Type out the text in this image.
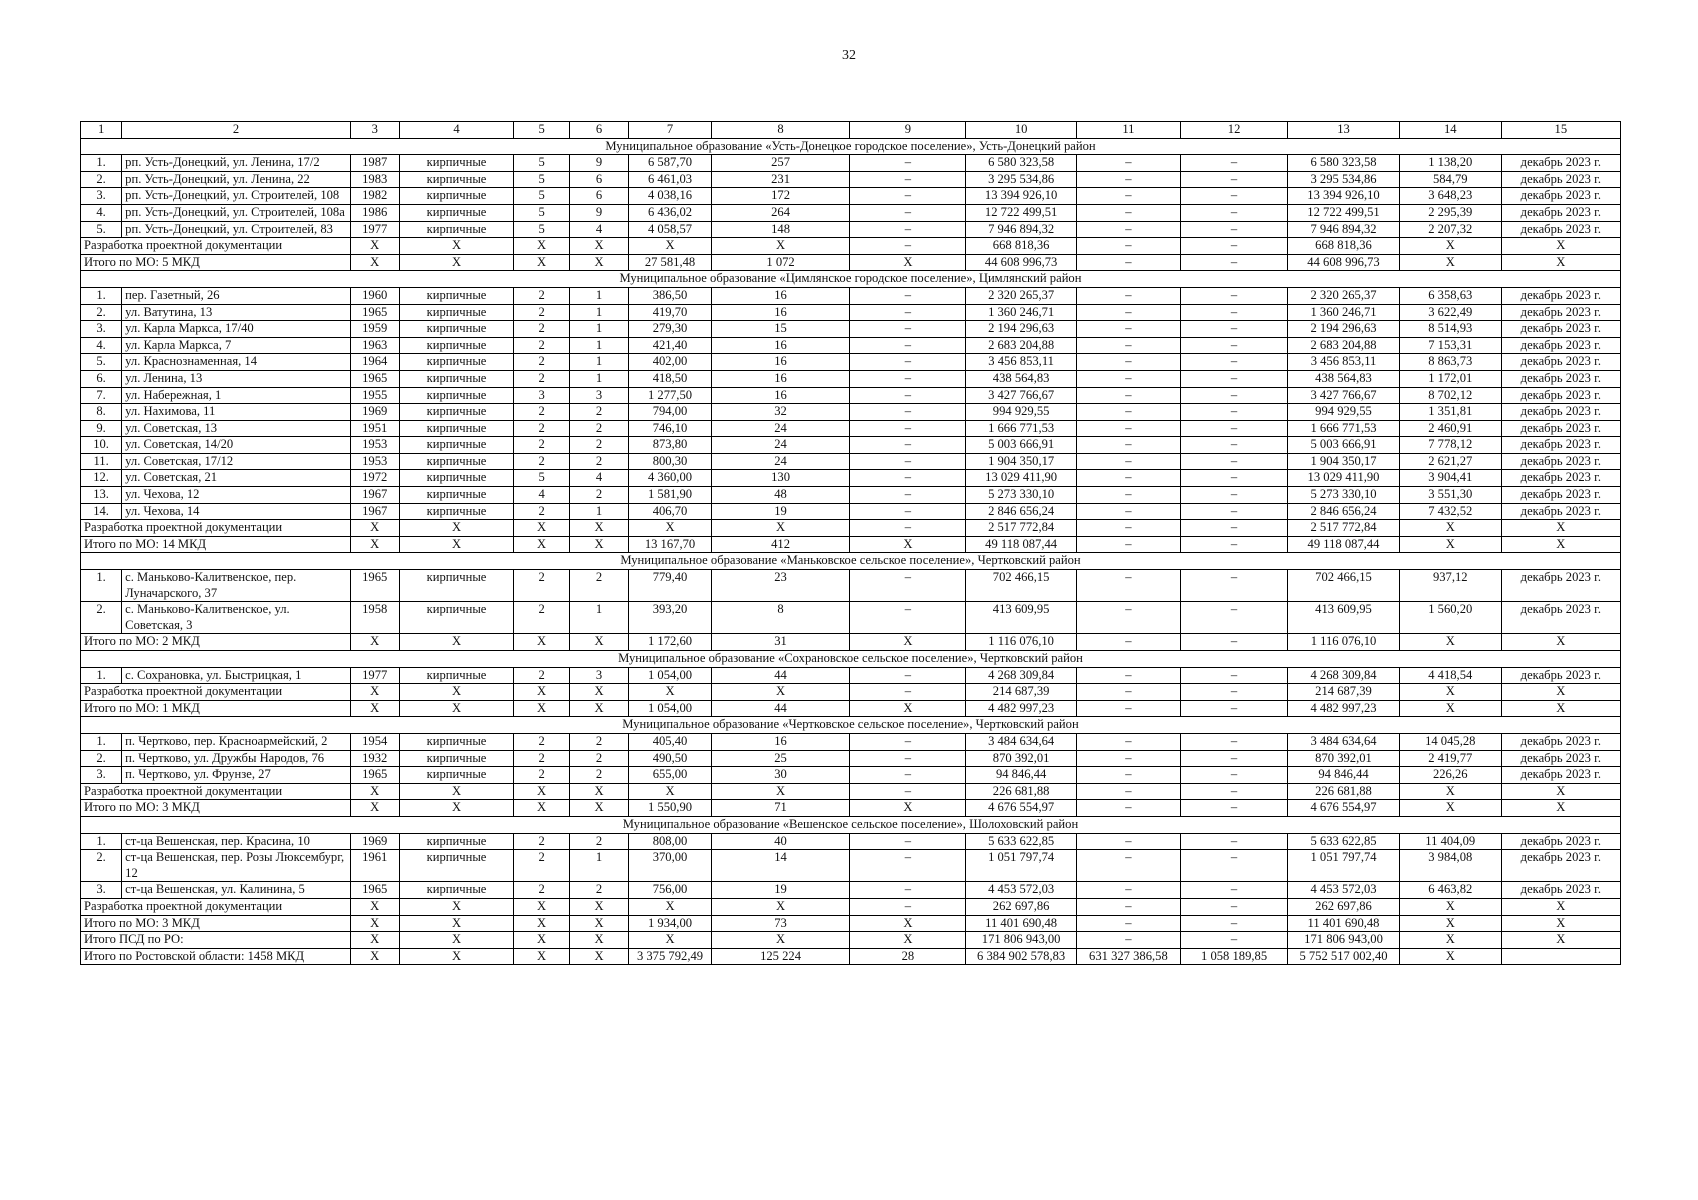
32
1	2	3	4	5	6	7	8	9	10	11	12	13	14	15
Муниципальное образование «Усть-Донецкое городское поселение», Усть-Донецкий район														
1.	рп. Усть-Донецкий, ул. Ленина, 17/2	1987	кирпичные	5	9	6 587,70	257	–	6 580 323,58	–	–	6 580 323,58	1 138,20	декабрь 2023 г.
2.	рп. Усть-Донецкий, ул. Ленина, 22	1983	кирпичные	5	6	6 461,03	231	–	3 295 534,86	–	–	3 295 534,86	584,79	декабрь 2023 г.
3.	рп. Усть-Донецкий, ул. Строителей, 108	1982	кирпичные	5	6	4 038,16	172	–	13 394 926,10	–	–	13 394 926,10	3 648,23	декабрь 2023 г.
4.	рп. Усть-Донецкий, ул. Строителей, 108а	1986	кирпичные	5	9	6 436,02	264	–	12 722 499,51	–	–	12 722 499,51	2 295,39	декабрь 2023 г.
5.	рп. Усть-Донецкий, ул. Строителей, 83	1977	кирпичные	5	4	4 058,57	148	–	7 946 894,32	–	–	7 946 894,32	2 207,32	декабрь 2023 г.
Разработка проектной документации		X	X	X	X	X	X	–	668 818,36	–	–	668 818,36	X	X
Итого по МО: 5 МКД		X	X	X	X	27 581,48	1 072	X	44 608 996,73	–	–	44 608 996,73	X	X
Муниципальное образование «Цимлянское городское поселение», Цимлянский район														
1.	пер. Газетный, 26	1960	кирпичные	2	1	386,50	16	–	2 320 265,37	–	–	2 320 265,37	6 358,63	декабрь 2023 г.
2.	ул. Ватутина, 13	1965	кирпичные	2	1	419,70	16	–	1 360 246,71	–	–	1 360 246,71	3 622,49	декабрь 2023 г.
3.	ул. Карла Маркса, 17/40	1959	кирпичные	2	1	279,30	15	–	2 194 296,63	–	–	2 194 296,63	8 514,93	декабрь 2023 г.
4.	ул. Карла Маркса, 7	1963	кирпичные	2	1	421,40	16	–	2 683 204,88	–	–	2 683 204,88	7 153,31	декабрь 2023 г.
5.	ул. Краснознаменная, 14	1964	кирпичные	2	1	402,00	16	–	3 456 853,11	–	–	3 456 853,11	8 863,73	декабрь 2023 г.
6.	ул. Ленина, 13	1965	кирпичные	2	1	418,50	16	–	438 564,83	–	–	438 564,83	1 172,01	декабрь 2023 г.
7.	ул. Набережная, 1	1955	кирпичные	3	3	1 277,50	16	–	3 427 766,67	–	–	3 427 766,67	8 702,12	декабрь 2023 г.
8.	ул. Нахимова, 11	1969	кирпичные	2	2	794,00	32	–	994 929,55	–	–	994 929,55	1 351,81	декабрь 2023 г.
9.	ул. Советская, 13	1951	кирпичные	2	2	746,10	24	–	1 666 771,53	–	–	1 666 771,53	2 460,91	декабрь 2023 г.
10.	ул. Советская, 14/20	1953	кирпичные	2	2	873,80	24	–	5 003 666,91	–	–	5 003 666,91	7 778,12	декабрь 2023 г.
11.	ул. Советская, 17/12	1953	кирпичные	2	2	800,30	24	–	1 904 350,17	–	–	1 904 350,17	2 621,27	декабрь 2023 г.
12.	ул. Советская, 21	1972	кирпичные	5	4	4 360,00	130	–	13 029 411,90	–	–	13 029 411,90	3 904,41	декабрь 2023 г.
13.	ул. Чехова, 12	1967	кирпичные	4	2	1 581,90	48	–	5 273 330,10	–	–	5 273 330,10	3 551,30	декабрь 2023 г.
14.	ул. Чехова, 14	1967	кирпичные	2	1	406,70	19	–	2 846 656,24	–	–	2 846 656,24	7 432,52	декабрь 2023 г.
Разработка проектной документации		X	X	X	X	X	X	–	2 517 772,84	–	–	2 517 772,84	X	X
Итого по МО: 14 МКД		X	X	X	X	13 167,70	412	X	49 118 087,44	–	–	49 118 087,44	X	X
Муниципальное образование «Маньковское сельское поселение», Чертковский район														
1.	с. Маньково-Калитвенское, пер. Луначарского, 37	1965	кирпичные	2	2	779,40	23	–	702 466,15	–	–	702 466,15	937,12	декабрь 2023 г.
2.	с. Маньково-Калитвенское, ул. Советская, 3	1958	кирпичные	2	1	393,20	8	–	413 609,95	–	–	413 609,95	1 560,20	декабрь 2023 г.
Итого по МО: 2 МКД		X	X	X	X	1 172,60	31	X	1 116 076,10	–	–	1 116 076,10	X	X
Муниципальное образование «Сохрановское сельское поселение», Чертковский район														
1.	с. Сохрановка, ул. Быстрицкая, 1	1977	кирпичные	2	3	1 054,00	44	–	4 268 309,84	–	–	4 268 309,84	4 418,54	декабрь 2023 г.
Разработка проектной документации		X	X	X	X	X	X	–	214 687,39	–	–	214 687,39	X	X
Итого по МО: 1 МКД		X	X	X	X	1 054,00	44	X	4 482 997,23	–	–	4 482 997,23	X	X
Муниципальное образование «Чертковское сельское поселение», Чертковский район														
1.	п. Чертково, пер. Красноармейский, 2	1954	кирпичные	2	2	405,40	16	–	3 484 634,64	–	–	3 484 634,64	14 045,28	декабрь 2023 г.
2.	п. Чертково, ул. Дружбы Народов, 76	1932	кирпичные	2	2	490,50	25	–	870 392,01	–	–	870 392,01	2 419,77	декабрь 2023 г.
3.	п. Чертково, ул. Фрунзе, 27	1965	кирпичные	2	2	655,00	30	–	94 846,44	–	–	94 846,44	226,26	декабрь 2023 г.
Разработка проектной документации		X	X	X	X	X	X	–	226 681,88	–	–	226 681,88	X	X
Итого по МО: 3 МКД		X	X	X	X	1 550,90	71	X	4 676 554,97	–	–	4 676 554,97	X	X
Муниципальное образование «Вешенское сельское поселение», Шолоховский район														
1.	ст-ца Вешенская, пер. Красина, 10	1969	кирпичные	2	2	808,00	40	–	5 633 622,85	–	–	5 633 622,85	11 404,09	декабрь 2023 г.
2.	ст-ца Вешенская, пер. Розы Люксембург, 12	1961	кирпичные	2	1	370,00	14	–	1 051 797,74	–	–	1 051 797,74	3 984,08	декабрь 2023 г.
3.	ст-ца Вешенская, ул. Калинина, 5	1965	кирпичные	2	2	756,00	19	–	4 453 572,03	–	–	4 453 572,03	6 463,82	декабрь 2023 г.
Разработка проектной документации		X	X	X	X	X	X	–	262 697,86	–	–	262 697,86	X	X
Итого по МО: 3 МКД		X	X	X	X	1 934,00	73	X	11 401 690,48	–	–	11 401 690,48	X	X
Итого ПСД по РО:		X	X	X	X	X	X	X	171 806 943,00	–	–	171 806 943,00	X	X
Итого по Ростовской области: 1458 МКД		X	X	X	X	3 375 792,49	125 224	28	6 384 902 578,83	631 327 386,58	1 058 189,85	5 752 517 002,40	X	
